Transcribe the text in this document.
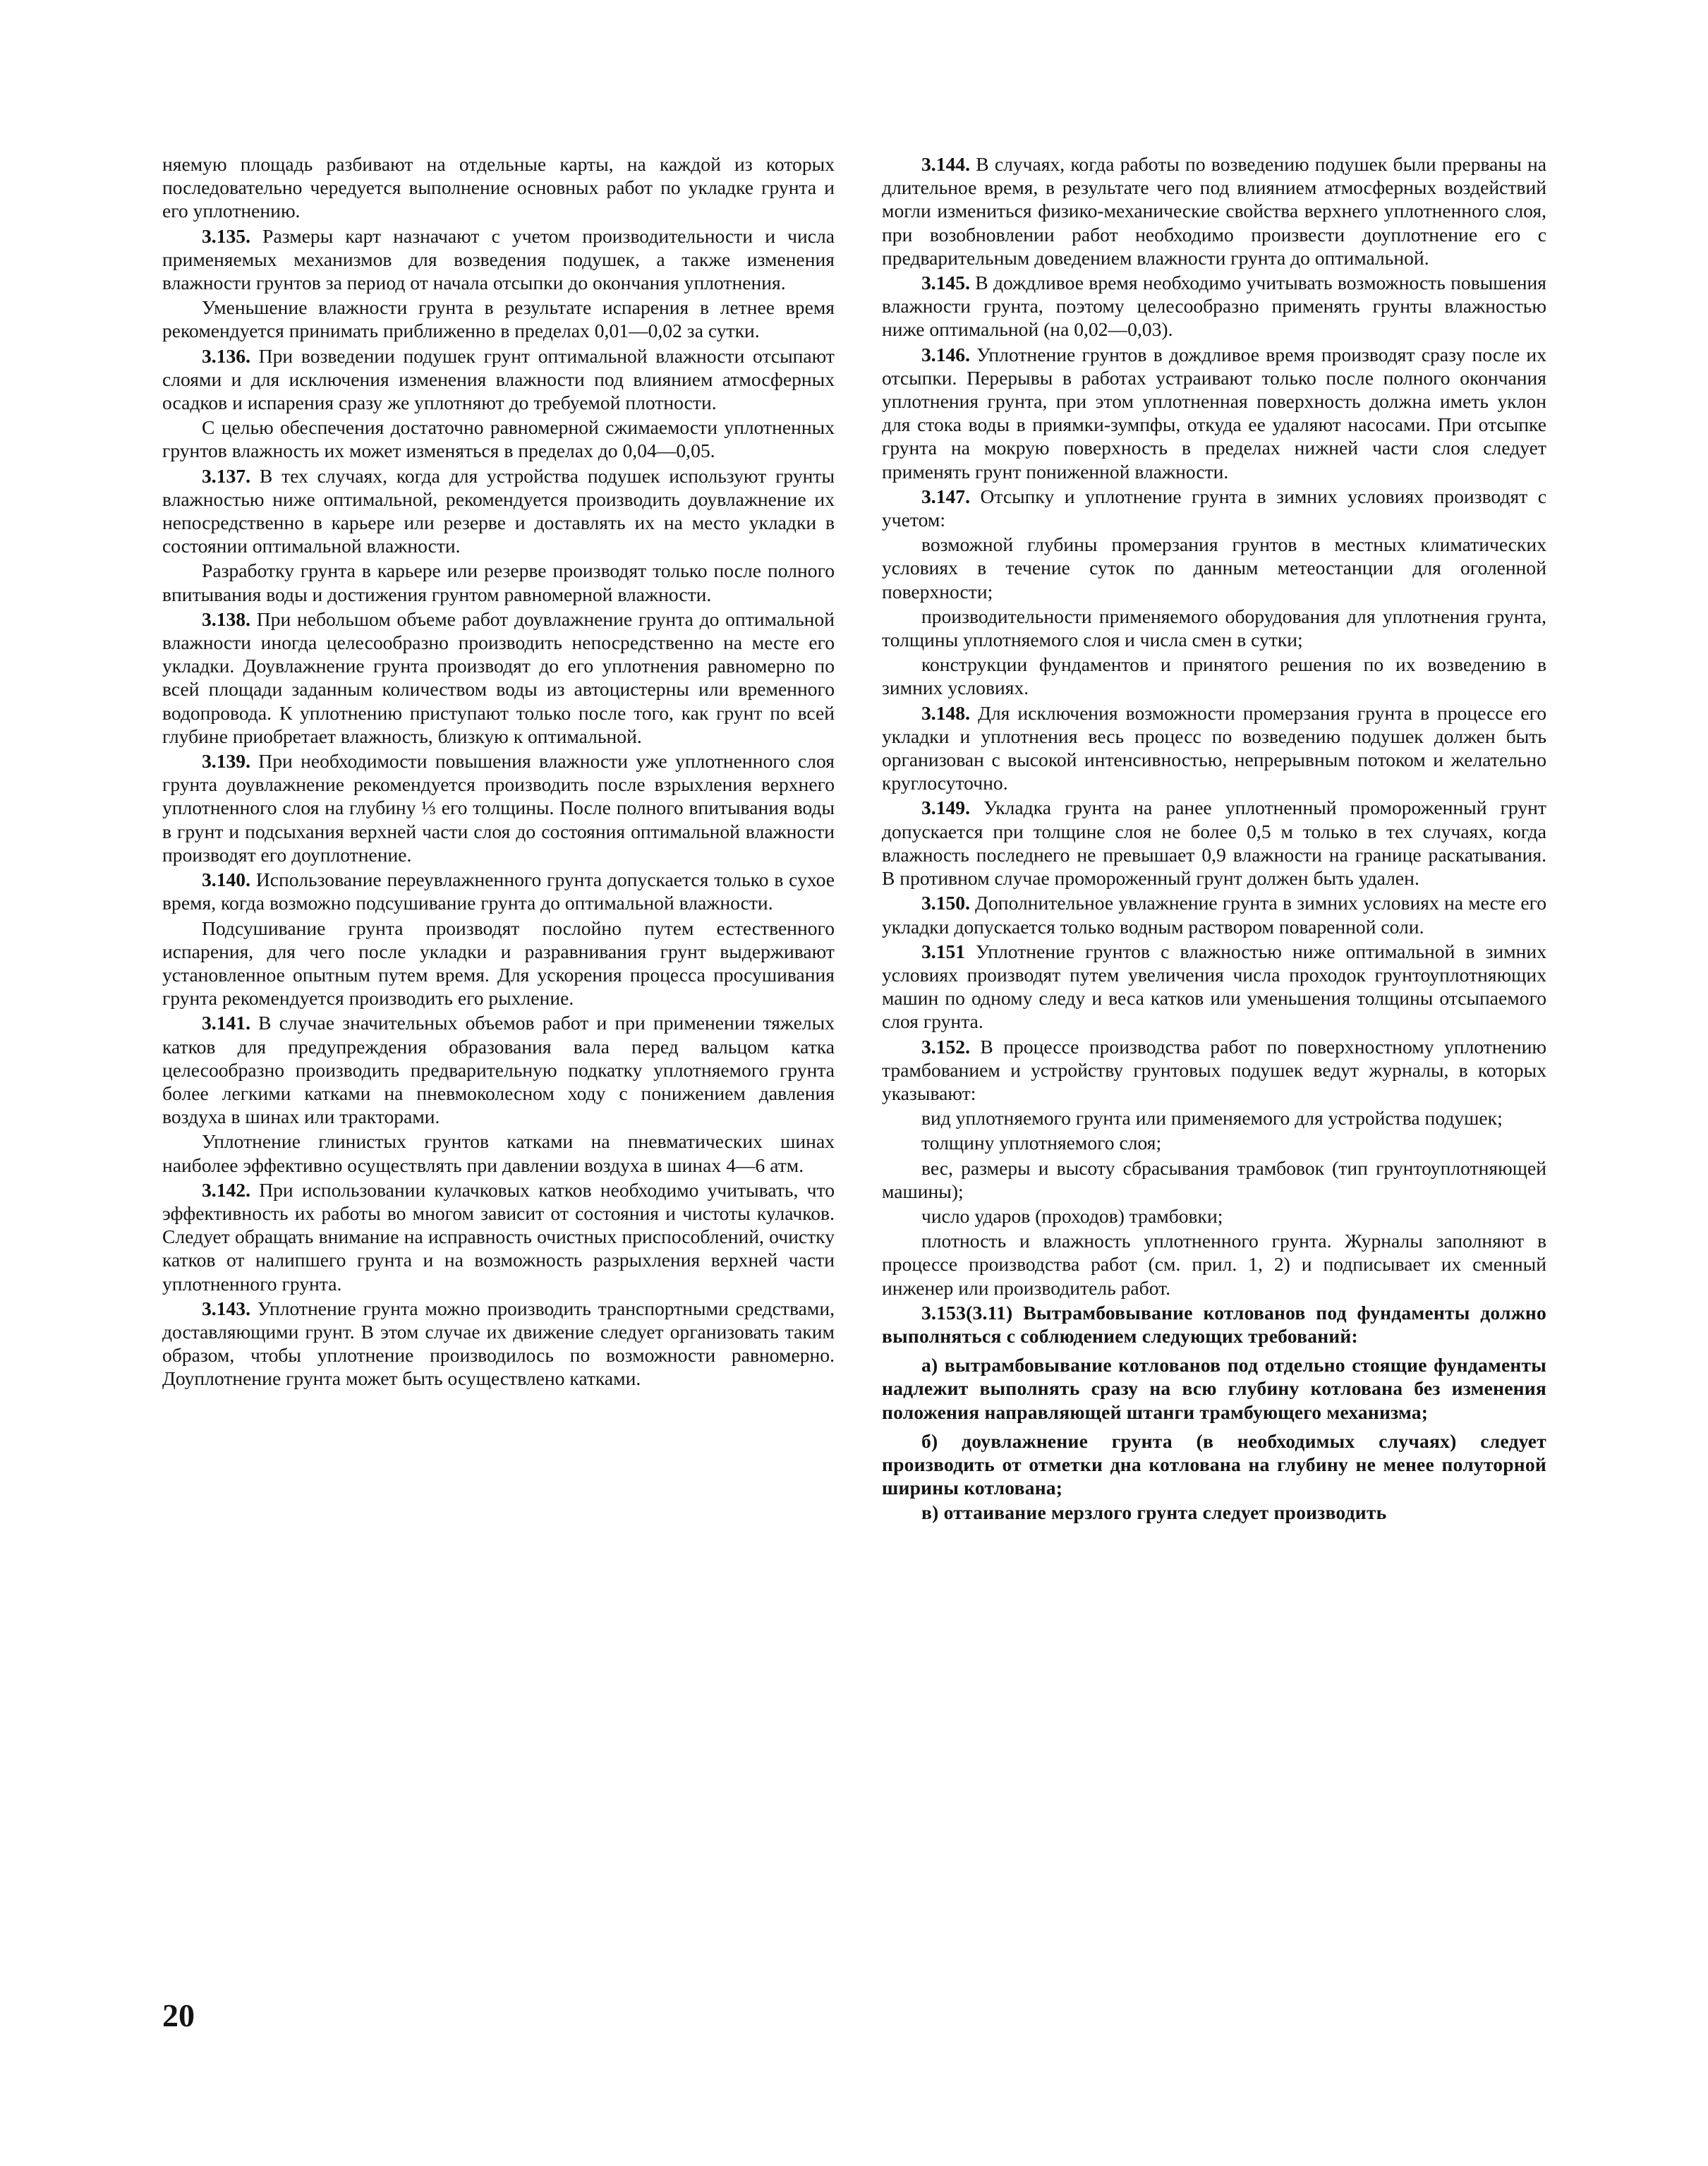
няемую площадь разбивают на отдельные карты, на каждой из которых последовательно чередуется выполнение основных работ по укладке грунта и его уплотнению.

3.135. Размеры карт назначают с учетом производительности и числа применяемых механизмов для возведения подушек, а также изменения влажности грунтов за период от начала отсыпки до окончания уплотнения.

Уменьшение влажности грунта в результате испарения в летнее время рекомендуется принимать приближенно в пределах 0,01—0,02 за сутки.

3.136. При возведении подушек грунт оптимальной влажности отсыпают слоями и для исключения изменения влажности под влиянием атмосферных осадков и испарения сразу же уплотняют до требуемой плотности.

С целью обеспечения достаточно равномерной сжимаемости уплотненных грунтов влажность их может изменяться в пределах до 0,04—0,05.

3.137. В тех случаях, когда для устройства подушек используют грунты влажностью ниже оптимальной, рекомендуется производить доувлажнение их непосредственно в карьере или резерве и доставлять их на место укладки в состоянии оптимальной влажности.

Разработку грунта в карьере или резерве производят только после полного впитывания воды и достижения грунтом равномерной влажности.

3.138. При небольшом объеме работ доувлажнение грунта до оптимальной влажности иногда целесообразно производить непосредственно на месте его укладки. Доувлажнение грунта производят до его уплотнения равномерно по всей площади заданным количеством воды из автоцистерны или временного водопровода. К уплотнению приступают только после того, как грунт по всей глубине приобретает влажность, близкую к оптимальной.

3.139. При необходимости повышения влажности уже уплотненного слоя грунта доувлажнение рекомендуется производить после взрыхления верхнего уплотненного слоя на глубину ⅓ его толщины. После полного впитывания воды в грунт и подсыхания верхней части слоя до состояния оптимальной влажности производят его доуплотнение.

3.140. Использование переувлажненного грунта допускается только в сухое время, когда возможно подсушивание грунта до оптимальной влажности.

Подсушивание грунта производят послойно путем естественного испарения, для чего после укладки и разравнивания грунт выдерживают установленное опытным путем время. Для ускорения процесса просушивания грунта рекомендуется производить его рыхление.

3.141. В случае значительных объемов работ и при применении тяжелых катков для предупреждения образования вала перед вальцом катка целесообразно производить предварительную подкатку уплотняемого грунта более легкими катками на пневмоколесном ходу с понижением давления воздуха в шинах или тракторами.

Уплотнение глинистых грунтов катками на пневматических шинах наиболее эффективно осуществлять при давлении воздуха в шинах 4—6 атм.

3.142. При использовании кулачковых катков необходимо учитывать, что эффективность их работы во многом зависит от состояния и чистоты кулачков. Следует обращать внимание на исправность очистных приспособлений, очистку катков от налипшего грунта и на возможность разрыхления верхней части уплотненного грунта.

3.143. Уплотнение грунта можно производить транспортными средствами, доставляющими грунт. В этом случае их движение следует организовать таким образом, чтобы уплотнение производилось по возможности равномерно. Доуплотнение грунта может быть осуществлено катками.

3.144. В случаях, когда работы по возведению подушек были прерваны на длительное время, в результате чего под влиянием атмосферных воздействий могли измениться физико-механические свойства верхнего уплотненного слоя, при возобновлении работ необходимо произвести доуплотнение его с предварительным доведением влажности грунта до оптимальной.

3.145. В дождливое время необходимо учитывать возможность повышения влажности грунта, поэтому целесообразно применять грунты влажностью ниже оптимальной (на 0,02—0,03).

3.146. Уплотнение грунтов в дождливое время производят сразу после их отсыпки. Перерывы в работах устраивают только после полного окончания уплотнения грунта, при этом уплотненная поверхность должна иметь уклон для стока воды в приямки-зумпфы, откуда ее удаляют насосами. При отсыпке грунта на мокрую поверхность в пределах нижней части слоя следует применять грунт пониженной влажности.

3.147. Отсыпку и уплотнение грунта в зимних условиях производят с учетом:

возможной глубины промерзания грунтов в местных климатических условиях в течение суток по данным метеостанции для оголенной поверхности;

производительности применяемого оборудования для уплотнения грунта, толщины уплотняемого слоя и числа смен в сутки;

конструкции фундаментов и принятого решения по их возведению в зимних условиях.

3.148. Для исключения возможности промерзания грунта в процессе его укладки и уплотнения весь процесс по возведению подушек должен быть организован с высокой интенсивностью, непрерывным потоком и желательно круглосуточно.

3.149. Укладка грунта на ранее уплотненный промороженный грунт допускается при толщине слоя не более 0,5 м только в тех случаях, когда влажность последнего не превышает 0,9 влажности на границе раскатывания. В противном случае промороженный грунт должен быть удален.

3.150. Дополнительное увлажнение грунта в зимних условиях на месте его укладки допускается только водным раствором поваренной соли.

3.151 Уплотнение грунтов с влажностью ниже оптимальной в зимних условиях производят путем увеличения числа проходок грунтоуплотняющих машин по одному следу и веса катков или уменьшения толщины отсыпаемого слоя грунта.

3.152. В процессе производства работ по поверхностному уплотнению трамбованием и устройству грунтовых подушек ведут журналы, в которых указывают:

вид уплотняемого грунта или применяемого для устройства подушек;

толщину уплотняемого слоя;

вес, размеры и высоту сбрасывания трамбовок (тип грунтоуплотняющей машины);

число ударов (проходов) трамбовки;

плотность и влажность уплотненного грунта. Журналы заполняют в процессе производства работ (см. прил. 1, 2) и подписывает их сменный инженер или производитель работ.

3.153(3.11) Вытрамбовывание котлованов под фундаменты должно выполняться с соблюдением следующих требований:

а) вытрамбовывание котлованов под отдельно стоящие фундаменты надлежит выполнять сразу на всю глубину котлована без изменения положения направляющей штанги трамбующего механизма;

б) доувлажнение грунта (в необходимых случаях) следует производить от отметки дна котлована на глубину не менее полуторной ширины котлована;

в) оттаивание мерзлого грунта следует производить

20
